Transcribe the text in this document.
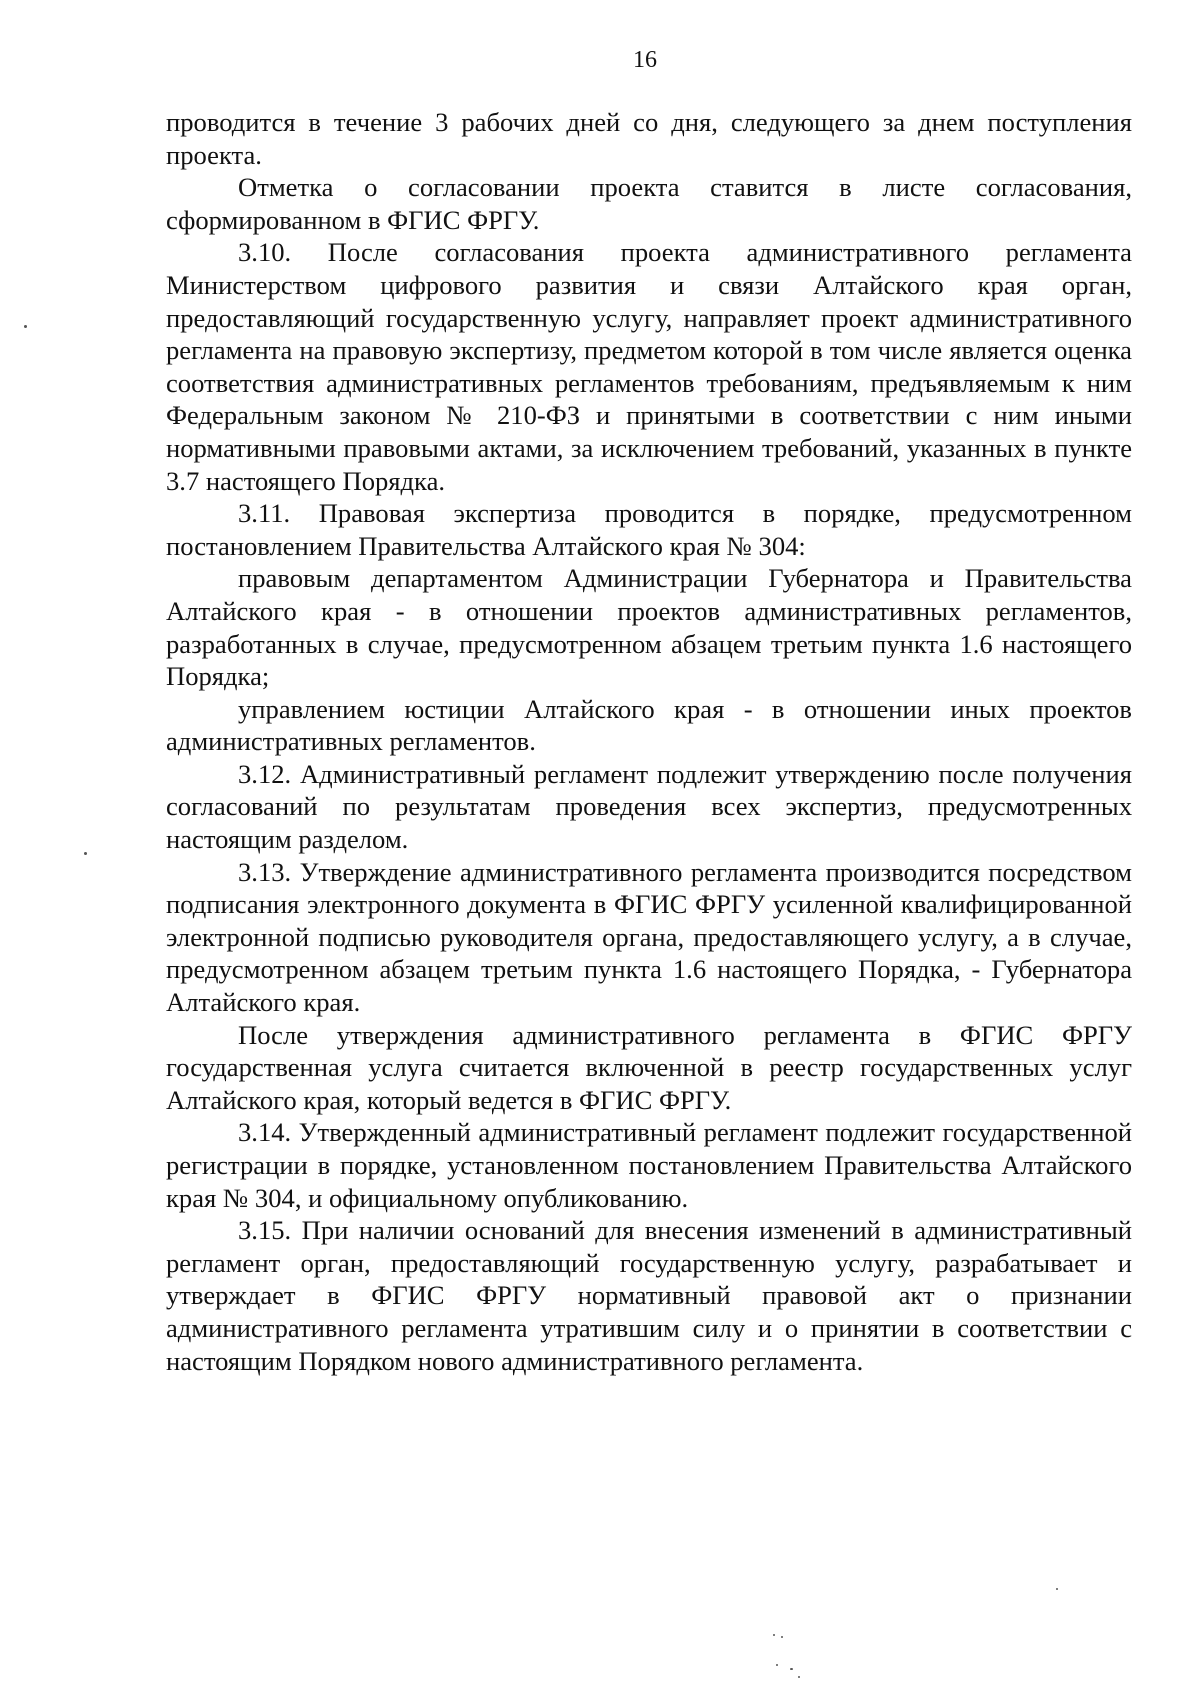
16

проводится в течение 3 рабочих дней со дня, следующего за днем поступления проекта.

Отметка о согласовании проекта ставится в листе согласования, сформированном в ФГИС ФРГУ.

3.10. После согласования проекта административного регламента Министерством цифрового развития и связи Алтайского края орган, предоставляющий государственную услугу, направляет проект административного регламента на правовую экспертизу, предметом которой в том числе является оценка соответствия административных регламентов требованиям, предъявляемым к ним Федеральным законом № 210-ФЗ и принятыми в соответствии с ним иными нормативными правовыми актами, за исключением требований, указанных в пункте 3.7 настоящего Порядка.

3.11. Правовая экспертиза проводится в порядке, предусмотренном постановлением Правительства Алтайского края № 304:

правовым департаментом Администрации Губернатора и Правительства Алтайского края - в отношении проектов административных регламентов, разработанных в случае, предусмотренном абзацем третьим пункта 1.6 настоящего Порядка;

управлением юстиции Алтайского края - в отношении иных проектов административных регламентов.

3.12. Административный регламент подлежит утверждению после получения согласований по результатам проведения всех экспертиз, предусмотренных настоящим разделом.

3.13. Утверждение административного регламента производится посредством подписания электронного документа в ФГИС ФРГУ усиленной квалифицированной электронной подписью руководителя органа, предоставляющего услугу, а в случае, предусмотренном абзацем третьим пункта 1.6 настоящего Порядка, - Губернатора Алтайского края.

После утверждения административного регламента в ФГИС ФРГУ государственная услуга считается включенной в реестр государственных услуг Алтайского края, который ведется в ФГИС ФРГУ.

3.14. Утвержденный административный регламент подлежит государственной регистрации в порядке, установленном постановлением Правительства Алтайского края № 304, и официальному опубликованию.

3.15. При наличии оснований для внесения изменений в административный регламент орган, предоставляющий государственную услугу, разрабатывает и утверждает в ФГИС ФРГУ нормативный правовой акт о признании административного регламента утратившим силу и о принятии в соответствии с настоящим Порядком нового административного регламента.
